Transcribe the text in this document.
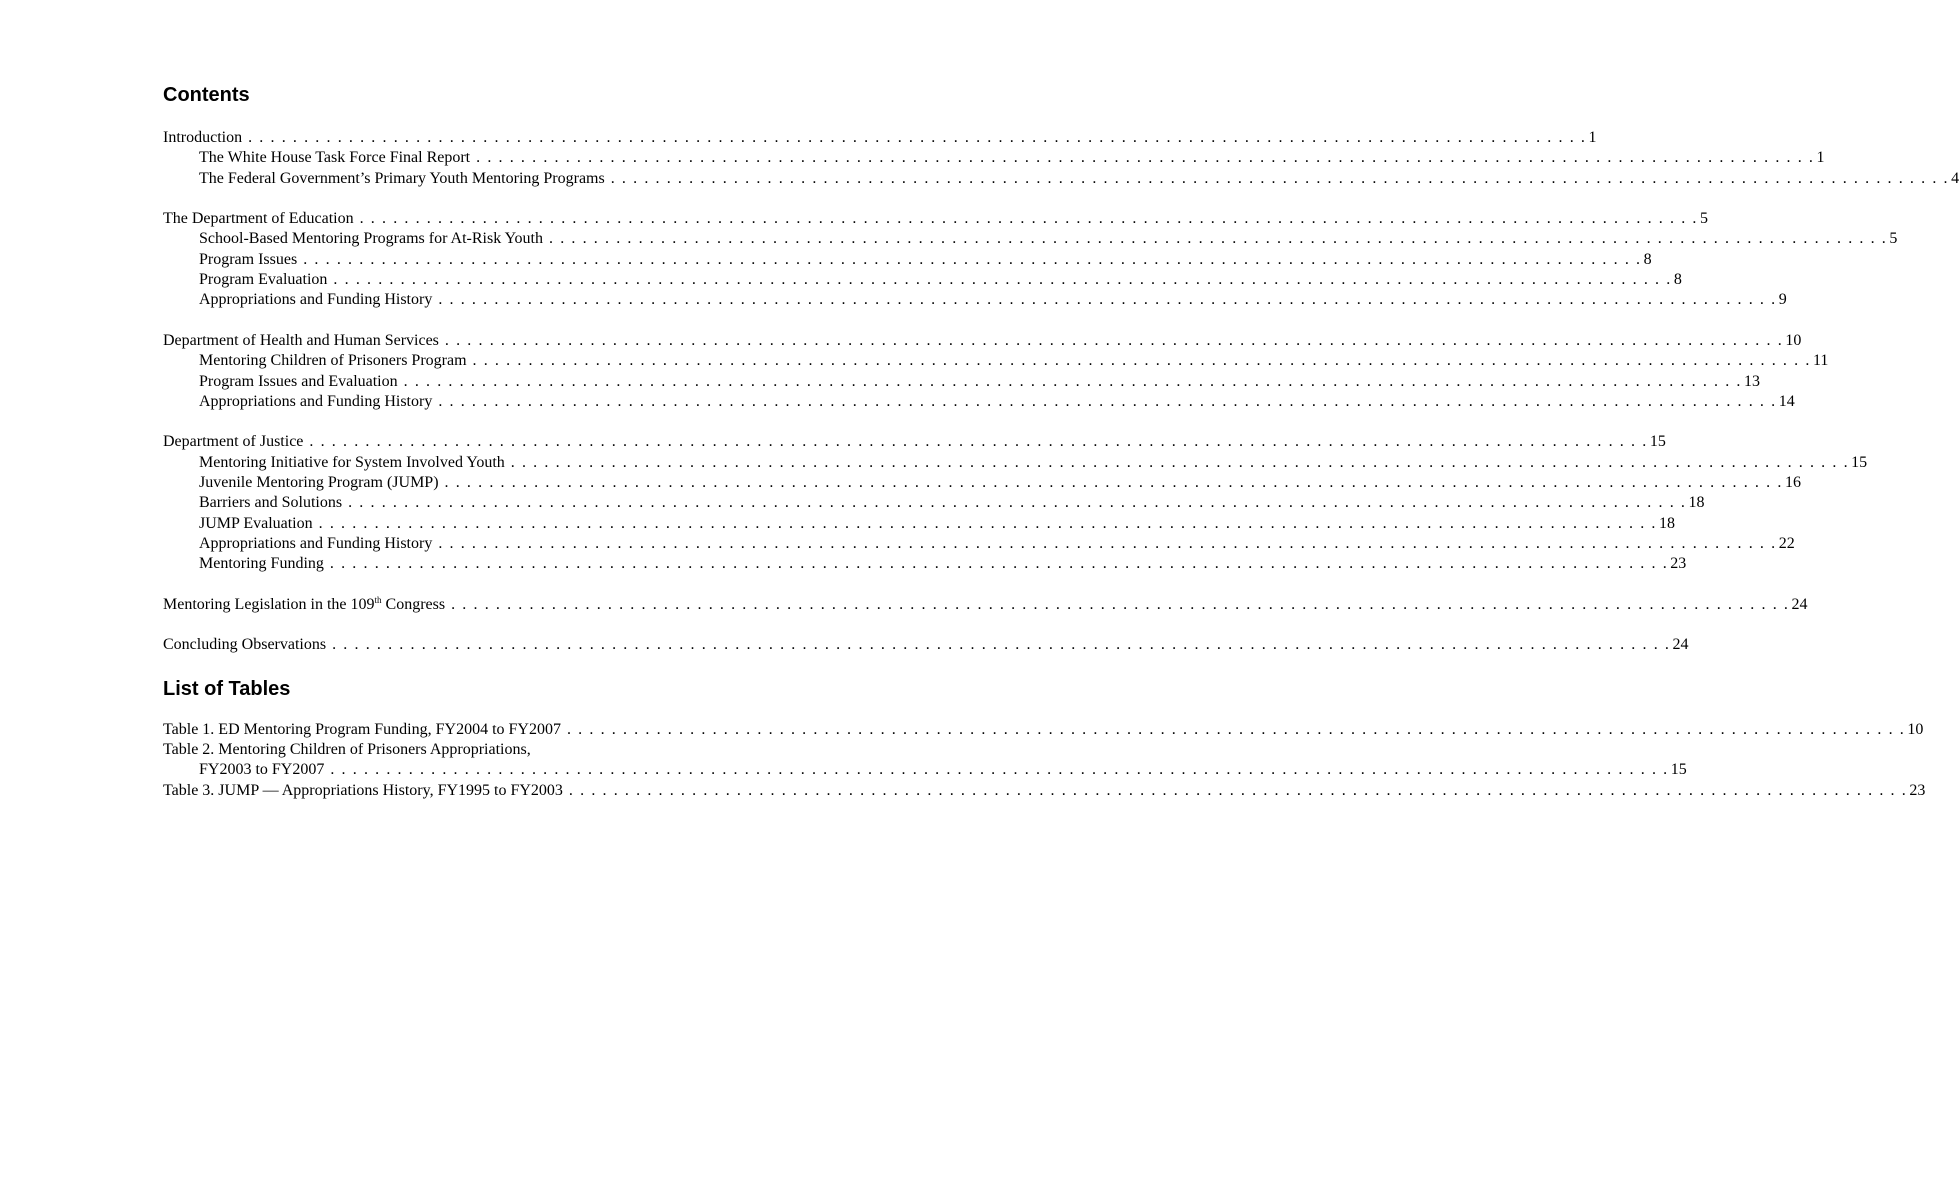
Contents
Introduction . . . . . . . . . . . . . . . . . . . . . . . . . . . . . . . . . . . . . . . . . . . . . . . . . . . . . . . . . . . . . . . . . . . . . . . . . . . . . . . . . . . . . . . . . . . . . . . . . . . . . . . . . . . . . . . . . . . . . . . . 1
The White House Task Force Final Report . . . . . . . . . . . . . . . . . . . . . . . . . . . . . . . . . . . . . . . . . . . . . . . . . . . . . . . . . . . . . . . . . . . . . . . . . . . . . . . . . . . . . . . . . . . . . . . . . . . . . . . . . . . . . . . . . . . . . . . . 1
The Federal Government’s Primary Youth Mentoring Programs . . . . . . . . . . . . . . . . . . . . . . . . . . . . . . . . . . . . . . . . . . . . . . . . . . . . . . . . . . . . . . . . . . . . . . . . . . . . . . . . . . . . . . . . . . . . . . . . . . . . . . . . . . . . . . . . . . . . . . . . 4
The Department of Education . . . . . . . . . . . . . . . . . . . . . . . . . . . . . . . . . . . . . . . . . . . . . . . . . . . . . . . . . . . . . . . . . . . . . . . . . . . . . . . . . . . . . . . . . . . . . . . . . . . . . . . . . . . . . . . . . . . . . . . . 5
School-Based Mentoring Programs for At-Risk Youth . . . . . . . . . . . . . . . . . . . . . . . . . . . . . . . . . . . . . . . . . . . . . . . . . . . . . . . . . . . . . . . . . . . . . . . . . . . . . . . . . . . . . . . . . . . . . . . . . . . . . . . . . . . . . . . . . . . . . . . . 5
Program Issues . . . . . . . . . . . . . . . . . . . . . . . . . . . . . . . . . . . . . . . . . . . . . . . . . . . . . . . . . . . . . . . . . . . . . . . . . . . . . . . . . . . . . . . . . . . . . . . . . . . . . . . . . . . . . . . . . . . . . . . . 8
Program Evaluation . . . . . . . . . . . . . . . . . . . . . . . . . . . . . . . . . . . . . . . . . . . . . . . . . . . . . . . . . . . . . . . . . . . . . . . . . . . . . . . . . . . . . . . . . . . . . . . . . . . . . . . . . . . . . . . . . . . . . . . . 8
Appropriations and Funding History . . . . . . . . . . . . . . . . . . . . . . . . . . . . . . . . . . . . . . . . . . . . . . . . . . . . . . . . . . . . . . . . . . . . . . . . . . . . . . . . . . . . . . . . . . . . . . . . . . . . . . . . . . . . . . . . . . . . . . . . 9
Department of Health and Human Services . . . . . . . . . . . . . . . . . . . . . . . . . . . . . . . . . . . . . . . . . . . . . . . . . . . . . . . . . . . . . . . . . . . . . . . . . . . . . . . . . . . . . . . . . . . . . . . . . . . . . . . . . . . . . . . . . . . . . . . . 10
Mentoring Children of Prisoners Program . . . . . . . . . . . . . . . . . . . . . . . . . . . . . . . . . . . . . . . . . . . . . . . . . . . . . . . . . . . . . . . . . . . . . . . . . . . . . . . . . . . . . . . . . . . . . . . . . . . . . . . . . . . . . . . . . . . . . . . . 11
Program Issues and Evaluation . . . . . . . . . . . . . . . . . . . . . . . . . . . . . . . . . . . . . . . . . . . . . . . . . . . . . . . . . . . . . . . . . . . . . . . . . . . . . . . . . . . . . . . . . . . . . . . . . . . . . . . . . . . . . . . . . . . . . . . . 13
Appropriations and Funding History . . . . . . . . . . . . . . . . . . . . . . . . . . . . . . . . . . . . . . . . . . . . . . . . . . . . . . . . . . . . . . . . . . . . . . . . . . . . . . . . . . . . . . . . . . . . . . . . . . . . . . . . . . . . . . . . . . . . . . . . 14
Department of Justice . . . . . . . . . . . . . . . . . . . . . . . . . . . . . . . . . . . . . . . . . . . . . . . . . . . . . . . . . . . . . . . . . . . . . . . . . . . . . . . . . . . . . . . . . . . . . . . . . . . . . . . . . . . . . . . . . . . . . . . . 15
Mentoring Initiative for System Involved Youth . . . . . . . . . . . . . . . . . . . . . . . . . . . . . . . . . . . . . . . . . . . . . . . . . . . . . . . . . . . . . . . . . . . . . . . . . . . . . . . . . . . . . . . . . . . . . . . . . . . . . . . . . . . . . . . . . . . . . . . . 15
Juvenile Mentoring Program (JUMP) . . . . . . . . . . . . . . . . . . . . . . . . . . . . . . . . . . . . . . . . . . . . . . . . . . . . . . . . . . . . . . . . . . . . . . . . . . . . . . . . . . . . . . . . . . . . . . . . . . . . . . . . . . . . . . . . . . . . . . . . 16
Barriers and Solutions . . . . . . . . . . . . . . . . . . . . . . . . . . . . . . . . . . . . . . . . . . . . . . . . . . . . . . . . . . . . . . . . . . . . . . . . . . . . . . . . . . . . . . . . . . . . . . . . . . . . . . . . . . . . . . . . . . . . . . . . 18
JUMP Evaluation . . . . . . . . . . . . . . . . . . . . . . . . . . . . . . . . . . . . . . . . . . . . . . . . . . . . . . . . . . . . . . . . . . . . . . . . . . . . . . . . . . . . . . . . . . . . . . . . . . . . . . . . . . . . . . . . . . . . . . . . 18
Appropriations and Funding History . . . . . . . . . . . . . . . . . . . . . . . . . . . . . . . . . . . . . . . . . . . . . . . . . . . . . . . . . . . . . . . . . . . . . . . . . . . . . . . . . . . . . . . . . . . . . . . . . . . . . . . . . . . . . . . . . . . . . . . . 22
Mentoring Funding . . . . . . . . . . . . . . . . . . . . . . . . . . . . . . . . . . . . . . . . . . . . . . . . . . . . . . . . . . . . . . . . . . . . . . . . . . . . . . . . . . . . . . . . . . . . . . . . . . . . . . . . . . . . . . . . . . . . . . . . 23
Mentoring Legislation in the 109th Congress . . . . . . . . . . . . . . . . . . . . . . . . . . . . . . . . . . . . . . . . . . . . . . . . . . . . . . . . . . . . . . . . . . . . . . . . . . . . . . . . . . . . . . . . . . . . . . . . . . . . . . . . . . . . . . . . . . . . . . . . 24
Concluding Observations . . . . . . . . . . . . . . . . . . . . . . . . . . . . . . . . . . . . . . . . . . . . . . . . . . . . . . . . . . . . . . . . . . . . . . . . . . . . . . . . . . . . . . . . . . . . . . . . . . . . . . . . . . . . . . . . . . . . . . . . 24
List of Tables
Table 1. ED Mentoring Program Funding, FY2004 to FY2007 . . . . . . . . . . . . . . . . . . . . . . . . . . . . . . . . . . . . . . . . . . . . . . . . . . . . . . . . . . . . . . . . . . . . . . . . . . . . . . . . . . . . . . . . . . . . . . . . . . . . . . . . . . . . . . . . . . . . . . . . 10
Table 2. Mentoring Children of Prisoners Appropriations,
FY2003 to FY2007 . . . . . . . . . . . . . . . . . . . . . . . . . . . . . . . . . . . . . . . . . . . . . . . . . . . . . . . . . . . . . . . . . . . . . . . . . . . . . . . . . . . . . . . . . . . . . . . . . . . . . . . . . . . . . . . . . . . . . . . . 15
Table 3. JUMP — Appropriations History, FY1995 to FY2003 . . . . . . . . . . . . . . . . . . . . . . . . . . . . . . . . . . . . . . . . . . . . . . . . . . . . . . . . . . . . . . . . . . . . . . . . . . . . . . . . . . . . . . . . . . . . . . . . . . . . . . . . . . . . . . . . . . . . . . . . 23
